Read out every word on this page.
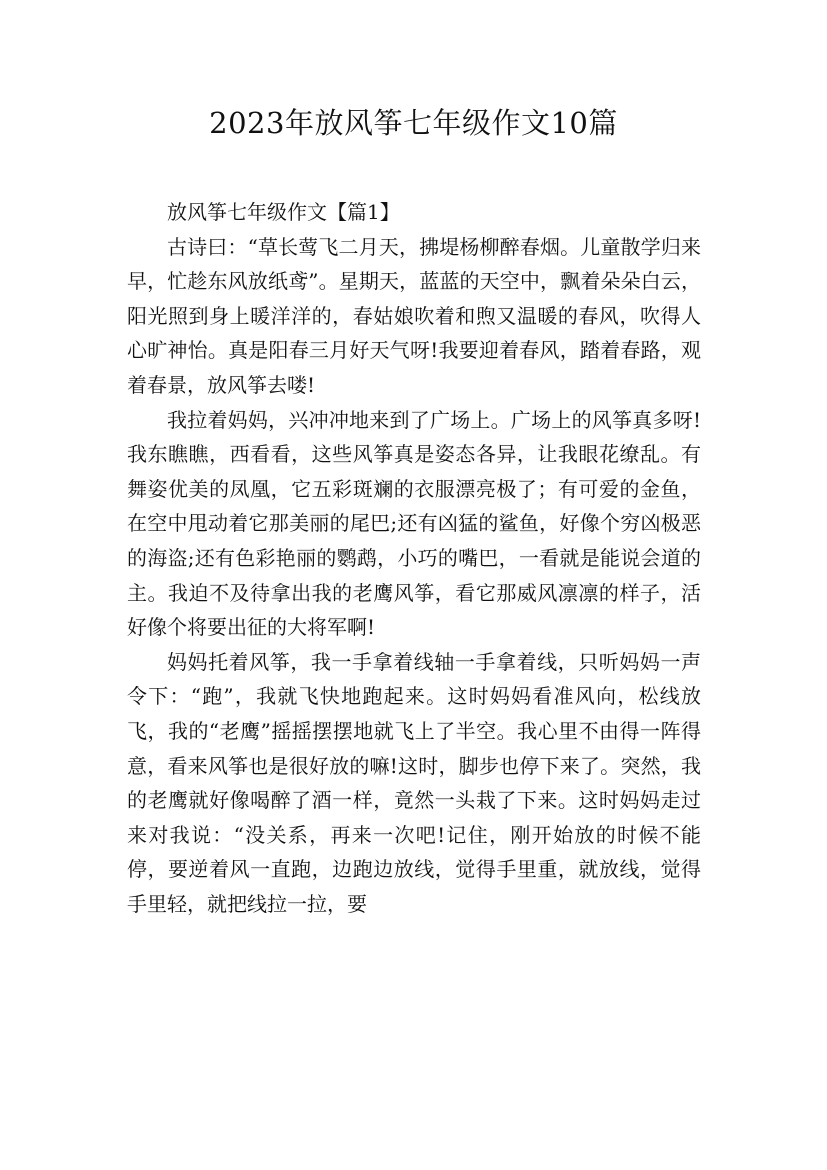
2023年放风筝七年级作文10篇

放风筝七年级作文【篇1】

古诗曰：“草长莺飞二月天，拂堤杨柳醉春烟。儿童散学归来早，忙趁东风放纸鸢”。星期天，蓝蓝的天空中，飘着朵朵白云，阳光照到身上暖洋洋的，春姑娘吹着和煦又温暖的春风，吹得人心旷神怡。真是阳春三月好天气呀!我要迎着春风，踏着春路，观着春景，放风筝去喽!

我拉着妈妈，兴冲冲地来到了广场上。广场上的风筝真多呀!我东瞧瞧，西看看，这些风筝真是姿态各异，让我眼花缭乱。有舞姿优美的凤凰，它五彩斑斓的衣服漂亮极了；有可爱的金鱼，在空中甩动着它那美丽的尾巴;还有凶猛的鲨鱼，好像个穷凶极恶的海盗;还有色彩艳丽的鹦鹉，小巧的嘴巴，一看就是能说会道的主。我迫不及待拿出我的老鹰风筝，看它那威风凛凛的样子，活好像个将要出征的大将军啊!

妈妈托着风筝，我一手拿着线轴一手拿着线，只听妈妈一声令下：“跑”，我就飞快地跑起来。这时妈妈看准风向，松线放飞，我的“老鹰”摇摇摆摆地就飞上了半空。我心里不由得一阵得意，看来风筝也是很好放的嘛!这时，脚步也停下来了。突然，我的老鹰就好像喝醉了酒一样，竟然一头栽了下来。这时妈妈走过来对我说：“没关系，再来一次吧!记住，刚开始放的时候不能停，要逆着风一直跑，边跑边放线，觉得手里重，就放线，觉得手里轻，就把线拉一拉，要
